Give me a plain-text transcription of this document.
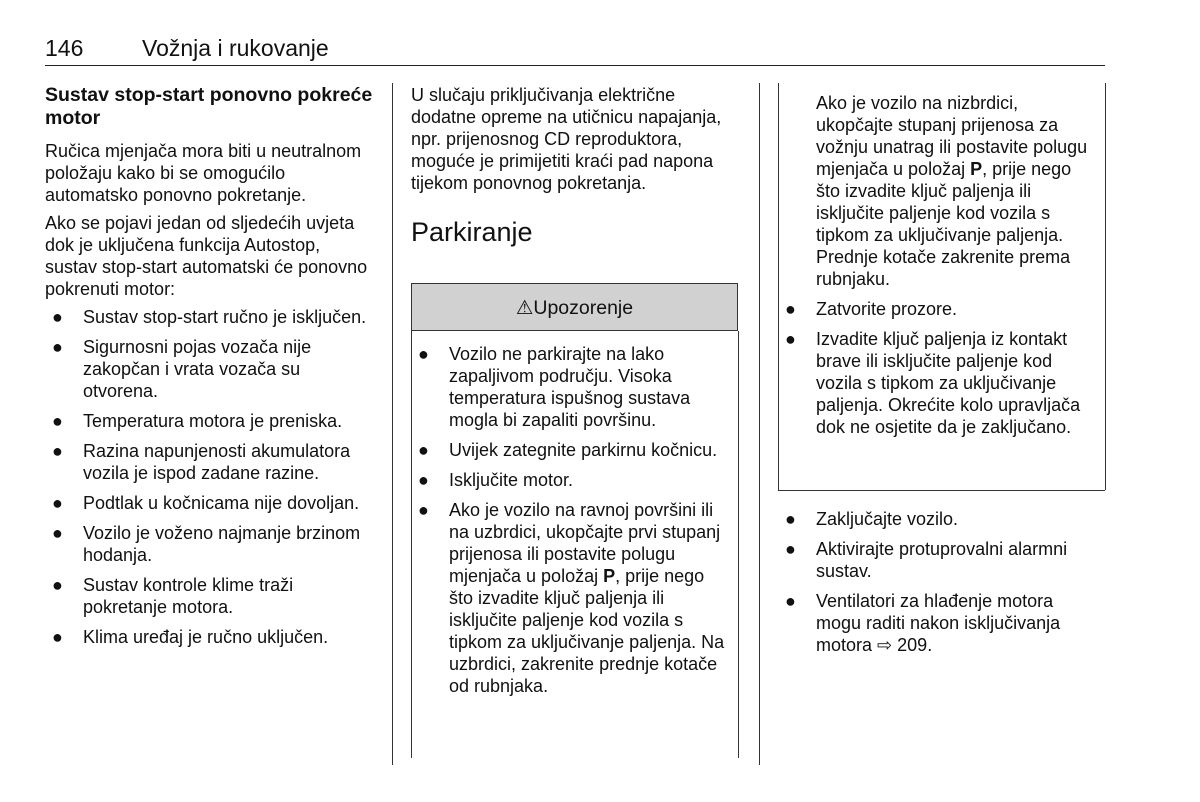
146	Vožnja i rukovanje
Sustav stop-start ponovno pokreće motor

Ručica mjenjača mora biti u neutralnom položaju kako bi se omogućilo automatsko ponovno pokretanje.

Ako se pojavi jedan od sljedećih uvjeta dok je uključena funkcija Autostop, sustav stop-start automatski će ponovno pokrenuti motor:

● Sustav stop-start ručno je isključen.
● Sigurnosni pojas vozača nije zakopčan i vrata vozača su otvorena.
● Temperatura motora je preniska.
● Razina napunjenosti akumulatora vozila je ispod zadane razine.
● Podtlak u kočnicama nije dovoljan.
● Vozilo je voženo najmanje brzinom hodanja.
● Sustav kontrole klime traži pokretanje motora.
● Klima uređaj je ručno uključen.

U slučaju priključivanja električne dodatne opreme na utičnicu napajanja, npr. prijenosnog CD reproduktora, moguće je primijetiti kraći pad napona tijekom ponovnog pokretanja.

Parkiranje
⚠Upozorenje
● Vozilo ne parkirajte na lako zapaljivom području. Visoka temperatura ispušnog sustava mogla bi zapaliti površinu.
● Uvijek zategnite parkirnu kočnicu.
● Isključite motor.
● Ako je vozilo na ravnoj površini ili na uzbrdici, ukopčajte prvi stupanj prijenosa ili postavite polugu mjenjača u položaj P, prije nego što izvadite ključ paljenja ili isključite paljenje kod vozila s tipkom za uključivanje paljenja. Na uzbrdici, zakrenite prednje kotače od rubnjaka.

Ako je vozilo na nizbrdici, ukopčajte stupanj prijenosa za vožnju unatrag ili postavite polugu mjenjača u položaj P, prije nego što izvadite ključ paljenja ili isključite paljenje kod vozila s tipkom za uključivanje paljenja. Prednje kotače zakrenite prema rubnjaku.

● Zatvorite prozore.
● Izvadite ključ paljenja iz kontakt brave ili isključite paljenje kod vozila s tipkom za uključivanje paljenja. Okrećite kolo upravljača dok ne osjetite da je zaključano.
● Zaključajte vozilo.
● Aktivirajte protuprovalni alarmni sustav.
● Ventilatori za hlađenje motora mogu raditi nakon isključivanja motora ⇨ 209.
